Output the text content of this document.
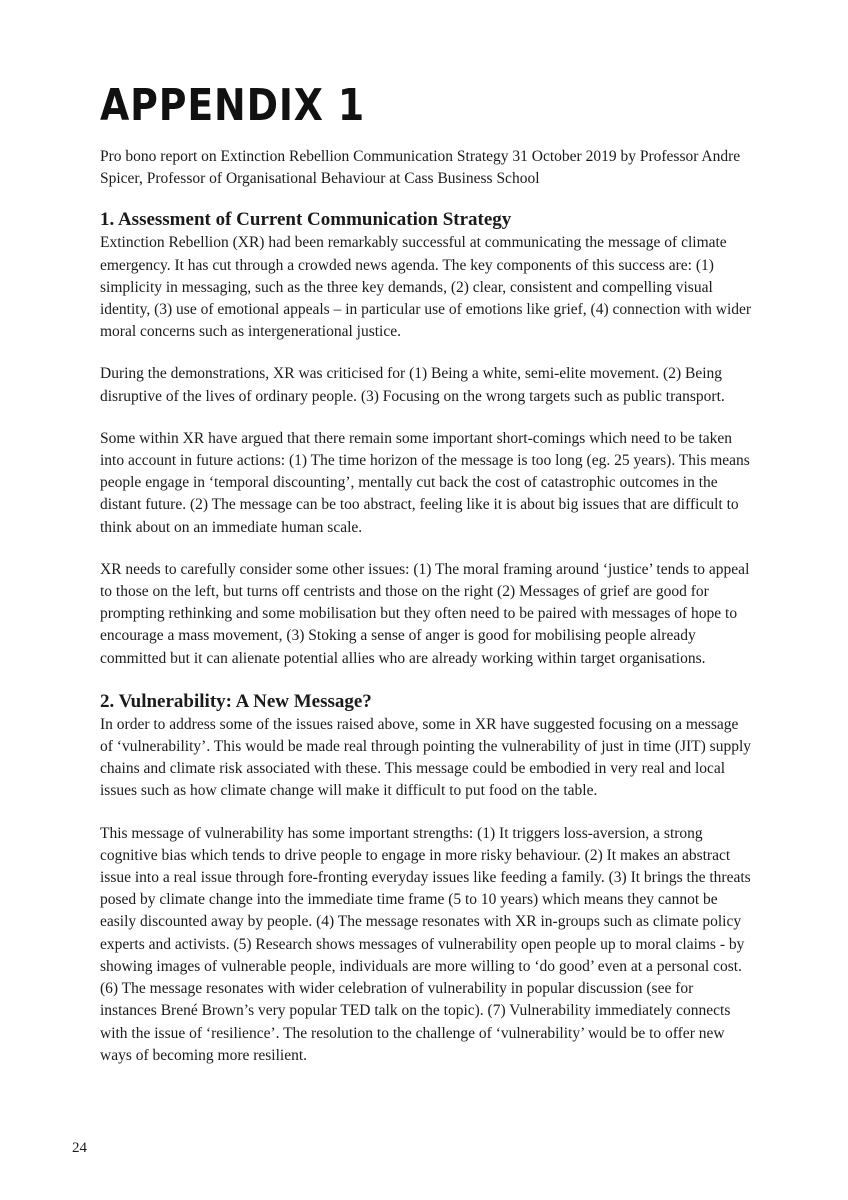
APPENDIX 1

Pro bono report on Extinction Rebellion Communication Strategy 31 October 2019 by Professor Andre Spicer, Professor of Organisational Behaviour at Cass Business School

1. Assessment of Current Communication Strategy

Extinction Rebellion (XR) had been remarkably successful at communicating the message of climate emergency. It has cut through a crowded news agenda. The key components of this success are: (1) simplicity in messaging, such as the three key demands, (2) clear, consistent and compelling visual identity, (3) use of emotional appeals – in particular use of emotions like grief, (4) connection with wider moral concerns such as intergenerational justice.

During the demonstrations, XR was criticised for (1) Being a white, semi-elite movement. (2) Being disruptive of the lives of ordinary people. (3) Focusing on the wrong targets such as public transport.

Some within XR have argued that there remain some important short-comings which need to be taken into account in future actions: (1) The time horizon of the message is too long (eg. 25 years). This means people engage in ‘temporal discounting’, mentally cut back the cost of catastrophic outcomes in the distant future. (2) The message can be too abstract, feeling like it is about big issues that are difficult to think about on an immediate human scale.

XR needs to carefully consider some other issues: (1) The moral framing around ‘justice’ tends to appeal to those on the left, but turns off centrists and those on the right (2) Messages of grief are good for prompting rethinking and some mobilisation but they often need to be paired with messages of hope to encourage a mass movement, (3) Stoking a sense of anger is good for mobilising people already committed but it can alienate potential allies who are already working within target organisations.

2. Vulnerability: A New Message?

In order to address some of the issues raised above, some in XR have suggested focusing on a message of ‘vulnerability’. This would be made real through pointing the vulnerability of just in time (JIT) supply chains and climate risk associated with these. This message could be embodied in very real and local issues such as how climate change will make it difficult to put food on the table.

This message of vulnerability has some important strengths: (1) It triggers loss-aversion, a strong cognitive bias which tends to drive people to engage in more risky behaviour. (2) It makes an abstract issue into a real issue through fore-fronting everyday issues like feeding a family. (3) It brings the threats posed by climate change into the immediate time frame (5 to 10 years) which means they cannot be easily discounted away by people. (4) The message resonates with XR in-groups such as climate policy experts and activists. (5) Research shows messages of vulnerability open people up to moral claims - by showing images of vulnerable people, individuals are more willing to ‘do good’ even at a personal cost. (6) The message resonates with wider celebration of vulnerability in popular discussion (see for instances Brené Brown’s very popular TED talk on the topic). (7) Vulnerability immediately connects with the issue of ‘resilience’. The resolution to the challenge of ‘vulnerability’ would be to offer new ways of becoming more resilient.

24
